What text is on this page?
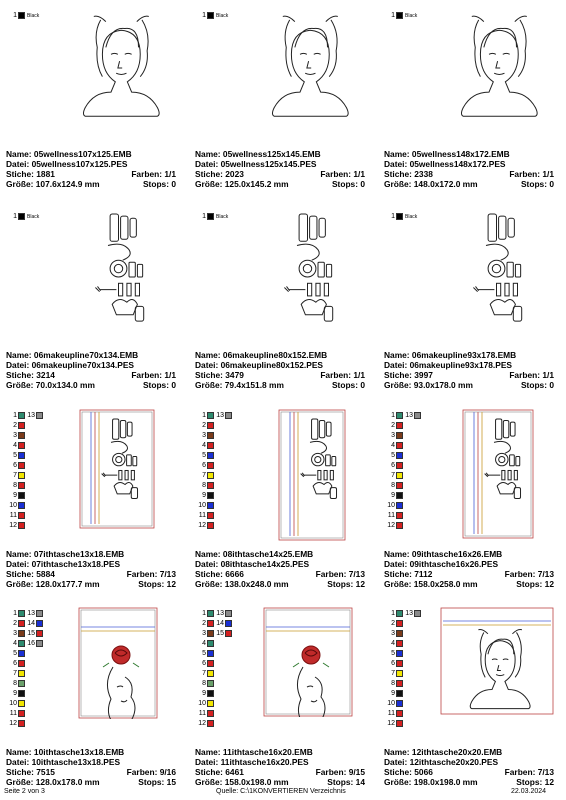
1 Black
Name: 05wellness107x125.EMB
Datei: 05wellness107x125.PES
Stiche: 1881	Farben: 1/1
Größe: 107.6x124.9 mm	Stops: 0
1 Black
Name: 05wellness125x145.EMB
Datei: 05wellness125x145.PES
Stiche: 2023	Farben: 1/1
Größe: 125.0x145.2 mm	Stops: 0
1 Black
Name: 05wellness148x172.EMB
Datei: 05wellness148x172.PES
Stiche: 2338	Farben: 1/1
Größe: 148.0x172.0 mm	Stops: 0
1 Black
Name: 06makeupline70x134.EMB
Datei: 06makeupline70x134.PES
Stiche: 3214	Farben: 1/1
Größe: 70.0x134.0 mm	Stops: 0
1 Black
Name: 06makeupline80x152.EMB
Datei: 06makeupline80x152.PES
Stiche: 3479	Farben: 1/1
Größe: 79.4x151.8 mm	Stops: 0
1 Black
Name: 06makeupline93x178.EMB
Datei: 06makeupline93x178.PES
Stiche: 3997	Farben: 1/1
Größe: 93.0x178.0 mm	Stops: 0
1 13
2
3
4
5
6
7
8
9
10
11
12
Name: 07ithtasche13x18.EMB
Datei: 07ithtasche13x18.PES
Stiche: 5884	Farben: 7/13
Größe: 128.0x177.7 mm	Stops: 12
1 13
2
3
4
5
6
7
8
9
10
11
12
Name: 08ithtasche14x25.EMB
Datei: 08ithtasche14x25.PES
Stiche: 6666	Farben: 7/13
Größe: 138.0x248.0 mm	Stops: 12
1 13
2
3
4
5
6
7
8
9
10
11
12
Name: 09ithtasche16x26.EMB
Datei: 09ithtasche16x26.PES
Stiche: 7112	Farben: 7/13
Größe: 158.0x258.0 mm	Stops: 12
1 13
2 14
3 15
4 16
5
6
7
8
9
10
11
12
Name: 10ithtasche13x18.EMB
Datei: 10ithtasche13x18.PES
Stiche: 7515	Farben: 9/16
Größe: 128.0x178.0 mm	Stops: 15
1 13
2 14
3 15
4
5
6
7
8
9
10
11
12
Name: 11ithtasche16x20.EMB
Datei: 11ithtasche16x20.PES
Stiche: 6461	Farben: 9/15
Größe: 158.0x198.0 mm	Stops: 14
1 13
2
3
4
5
6
7
8
9
10
11
12
Name: 12ithtasche20x20.EMB
Datei: 12ithtasche20x20.PES
Stiche: 5066	Farben: 7/13
Größe: 198.0x198.0 mm	Stops: 12
Seite 2 von 3	Quelle: C:\1KONVERTIEREN Verzeichnis	22.03.2024
